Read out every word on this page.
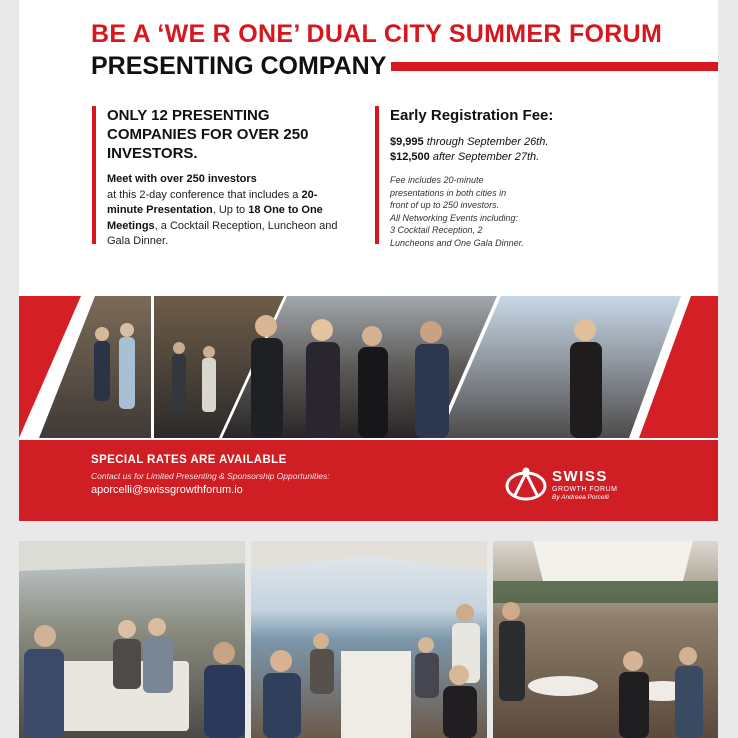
BE A ‘WE R ONE’ DUAL CITY SUMMER FORUM
PRESENTING COMPANY
ONLY 12 PRESENTING
COMPANIES FOR OVER 250
INVESTORS.
Meet with over 250 investors
at this 2-day conference that includes a 20-minute Presentation, Up to 18 One to One Meetings, a Cocktail Reception, Luncheon and Gala Dinner.
Early Registration Fee:
$9,995 through September 26th.
$12,500 after September 27th.
Fee includes 20-minute
presentations in both cities in
front of up to 250 investors.
All Networking Events including:
3 Cocktail Reception, 2
Luncheons and One Gala Dinner.
SPECIAL RATES ARE AVAILABLE
Contact us for Limited Presenting & Sponsorship Opportunities:
aporcelli@swissgrowthforum.io
SWISS
GROWTH FORUM
By Andreea Porcelli
